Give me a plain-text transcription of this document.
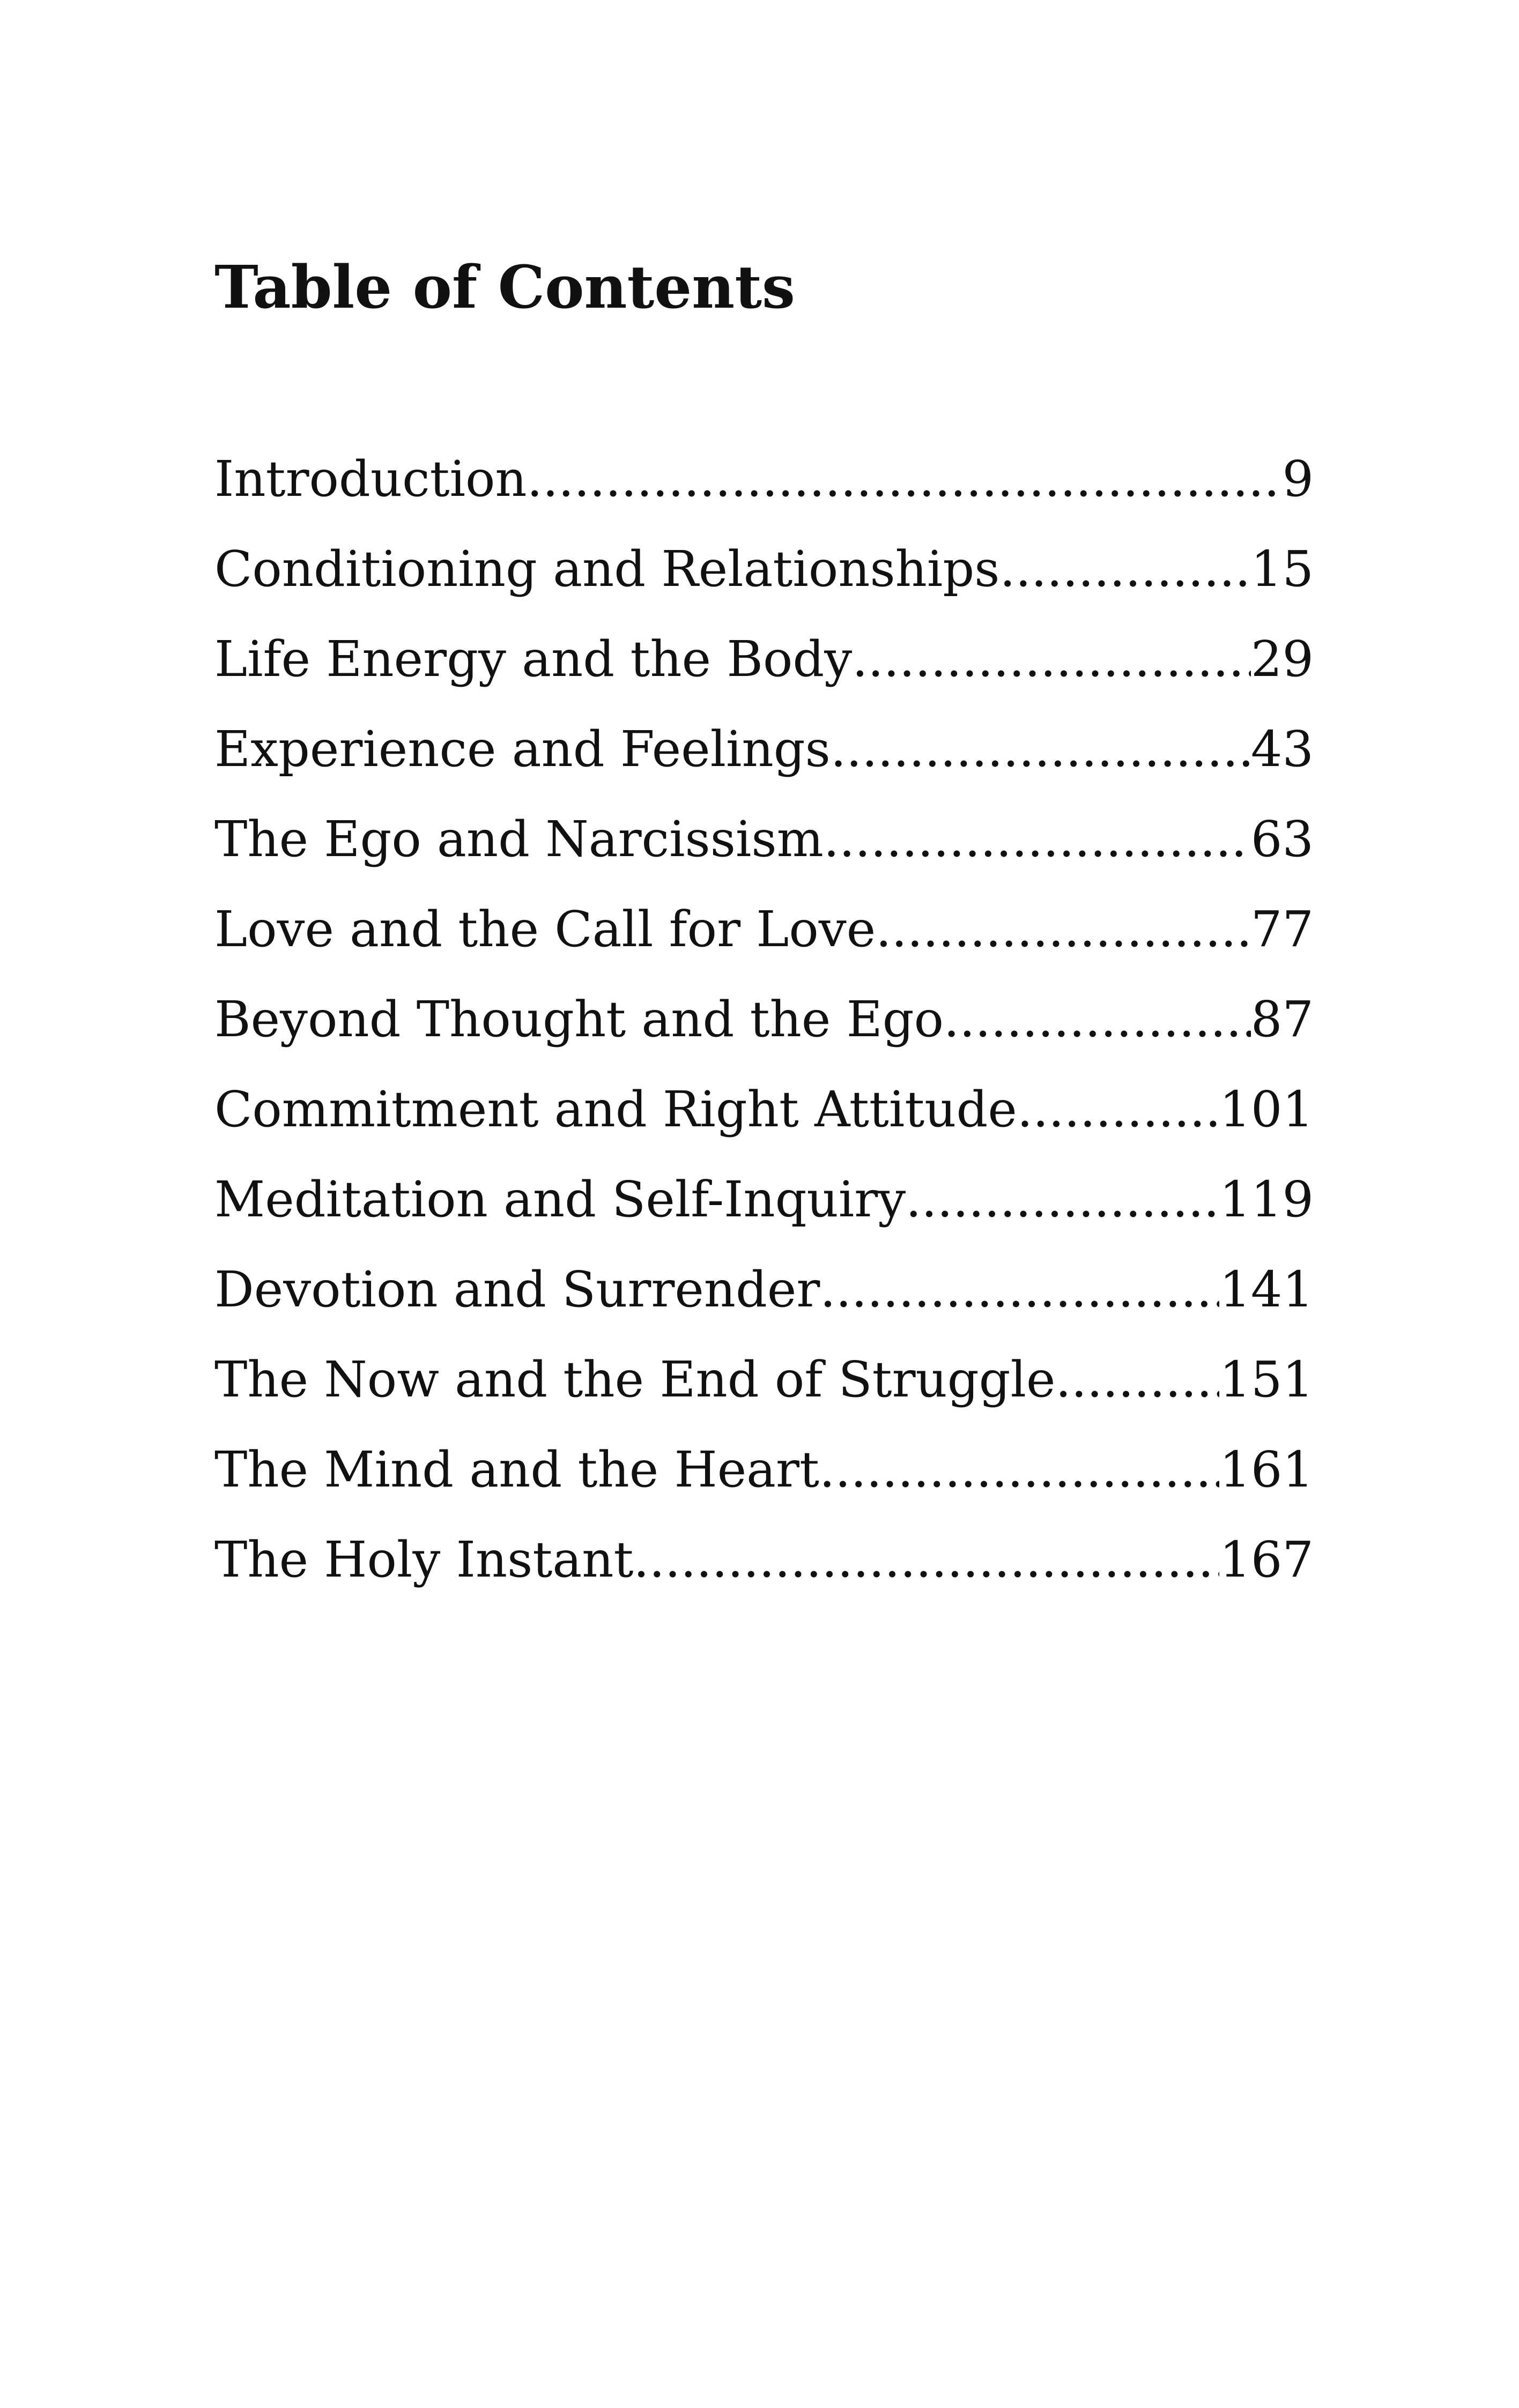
Table of Contents
Introduction .....	9
Conditioning and Relationships .....	15
Life Energy and the Body .....	29
Experience and Feelings .....	43
The Ego and Narcissism .....	63
Love and the Call for Love .....	77
Beyond Thought and the Ego .....	87
Commitment and Right Attitude .....	101
Meditation and Self-Inquiry .....	119
Devotion and Surrender .....	141
The Now and the End of Struggle .....	151
The Mind and the Heart .....	161
The Holy Instant .....	167
